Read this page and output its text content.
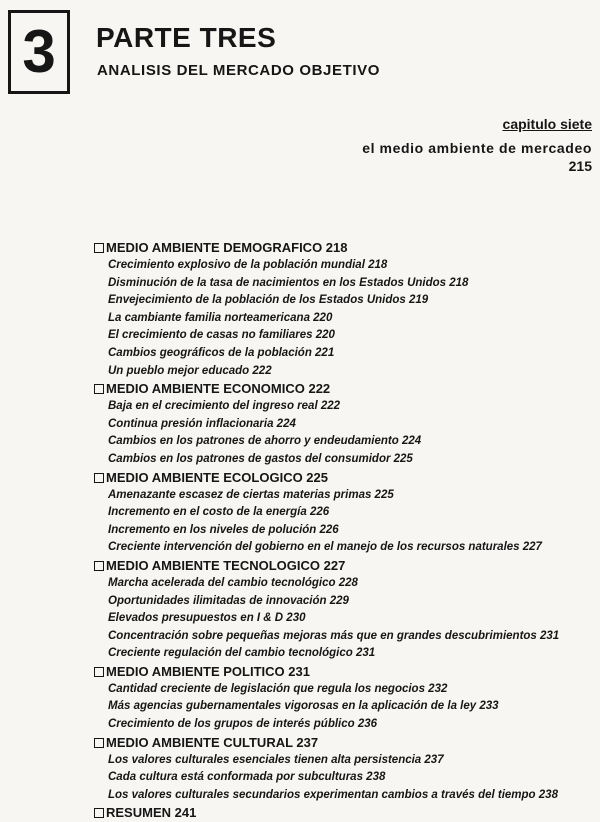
3 PARTE TRES
ANALISIS DEL MERCADO OBJETIVO
capitulo siete
el medio ambiente de mercadeo
215
MEDIO AMBIENTE DEMOGRAFICO 218
Crecimiento explosivo de la población mundial 218
Disminución de la tasa de nacimientos en los Estados Unidos 218
Envejecimiento de la población de los Estados Unidos 219
La cambiante familia norteamericana 220
El crecimiento de casas no familiares 220
Cambios geográficos de la población 221
Un pueblo mejor educado 222
MEDIO AMBIENTE ECONOMICO 222
Baja en el crecimiento del ingreso real 222
Continua presión inflacionaria 224
Cambios en los patrones de ahorro y endeudamiento 224
Cambios en los patrones de gastos del consumidor 225
MEDIO AMBIENTE ECOLOGICO 225
Amenazante escasez de ciertas materias primas 225
Incremento en el costo de la energía 226
Incremento en los niveles de polución 226
Creciente intervención del gobierno en el manejo de los recursos naturales 227
MEDIO AMBIENTE TECNOLOGICO 227
Marcha acelerada del cambio tecnológico 228
Oportunidades ilimitadas de innovación 229
Elevados presupuestos en I & D 230
Concentración sobre pequeñas mejoras más que en grandes descubrimientos 231
Creciente regulación del cambio tecnológico 231
MEDIO AMBIENTE POLITICO 231
Cantidad creciente de legislación que regula los negocios 232
Más agencias gubernamentales vigorosas en la aplicación de la ley 233
Crecimiento de los grupos de interés público 236
MEDIO AMBIENTE CULTURAL 237
Los valores culturales esenciales tienen alta persistencia 237
Cada cultura está conformada por subculturas 238
Los valores culturales secundarios experimentan cambios a través del tiempo 238
RESUMEN 241
